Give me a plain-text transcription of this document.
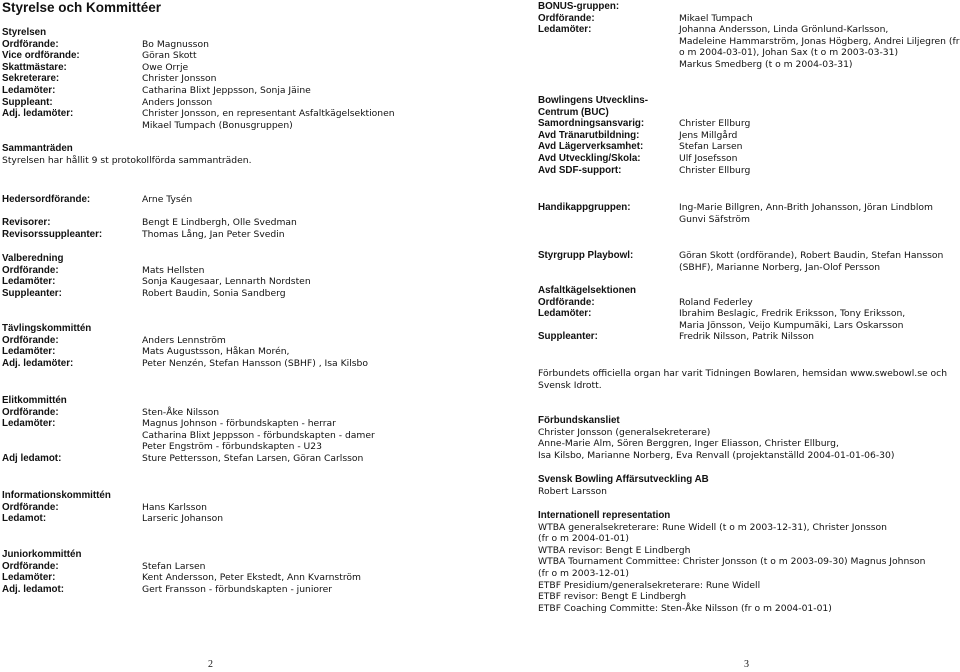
Styrelse och Kommittéer
Styrelsen
Ordförande:	Bo Magnusson
Vice ordförande:	Göran Skott
Skattmästare:	Owe Orrje
Sekreterare:	Christer Jonsson
Ledamöter:	Catharina Blixt Jeppsson, Sonja Jäine
Suppleant:	Anders Jonsson
Adj. ledamöter:	Christer Jonsson, en representant Asfaltkägelsektionen
Mikael Tumpach (Bonusgruppen)
Sammanträden
Styrelsen har hållit 9 st protokollförda sammanträden.
Hedersordförande:	Arne Tysén
Revisorer:	Bengt E Lindbergh, Olle Svedman
Revisorssuppleanter:	Thomas Lång, Jan Peter Svedin
Valberedning
Ordförande:	Mats Hellsten
Ledamöter:	Sonja Kaugesaar, Lennarth Nordsten
Suppleanter:	Robert Baudin, Sonia Sandberg
Tävlingskommittén
Ordförande:	Anders Lennström
Ledamöter:	Mats Augustsson, Håkan Morén,
Adj. ledamöter:	Peter Nenzén, Stefan Hansson (SBHF) , Isa Kilsbo
Elitkommittén
Ordförande:	Sten-Åke Nilsson
Ledamöter:	Magnus Johnson - förbundskapten - herrar
Catharina Blixt Jeppsson - förbundskapten - damer
Peter Engström - förbundskapten - U23
Adj ledamot:	Sture Pettersson, Stefan Larsen, Göran Carlsson
Informationskommittén
Ordförande:	Hans Karlsson
Ledamot:	Larseric Johanson
Juniorkommittén
Ordförande:	Stefan Larsen
Ledamöter:	Kent Andersson, Peter Ekstedt, Ann Kvarnström
Adj. ledamot:	Gert Fransson - förbundskapten - juniorer
BONUS-gruppen:
Ordförande:	Mikael Tumpach
Ledamöter:	Johanna Andersson, Linda Grönlund-Karlsson,
Madeleine Hammarström, Jonas Högberg, Andrei Liljegren (fr
o m 2004-03-01), Johan Sax (t o m 2003-03-31)
Markus Smedberg (t o m 2004-03-31)
Bowlingens Utvecklins-
Centrum (BUC)
Samordningsansvarig:	Christer Ellburg
Avd Tränarutbildning:	Jens Millgård
Avd Lägerverksamhet:	Stefan Larsen
Avd Utveckling/Skola:	Ulf Josefsson
Avd SDF-support:	Christer Ellburg
Handikappgruppen:	Ing-Marie Billgren, Ann-Brith Johansson, Jöran Lindblom
Gunvi Säfström
Styrgrupp Playbowl:	Göran Skott (ordförande), Robert Baudin, Stefan Hansson
(SBHF), Marianne Norberg, Jan-Olof Persson
Asfaltkägelsektionen
Ordförande:	Roland Federley
Ledamöter:	Ibrahim Beslagic, Fredrik Eriksson, Tony Eriksson,
Maria Jönsson, Veijo Kumpumäki, Lars Oskarsson
Suppleanter:	Fredrik Nilsson, Patrik Nilsson
Förbundets officiella organ har varit Tidningen Bowlaren, hemsidan www.swebowl.se och
Svensk Idrott.
Förbundskansliet
Christer Jonsson (generalsekreterare)
Anne-Marie Alm, Sören Berggren, Inger Eliasson, Christer Ellburg,
Isa Kilsbo, Marianne Norberg, Eva Renvall (projektanställd 2004-01-01-06-30)
Svensk Bowling Affärsutveckling AB
Robert Larsson
Internationell representation
WTBA generalsekreterare: Rune Widell (t o m 2003-12-31), Christer Jonsson
(fr o m 2004-01-01)
WTBA revisor: Bengt E Lindbergh
WTBA Tournament Committee: Christer Jonsson (t o m 2003-09-30) Magnus Johnson
(fr o m 2003-12-01)
ETBF Presidium/generalsekreterare: Rune Widell
ETBF revisor: Bengt E Lindbergh
ETBF Coaching Committe: Sten-Åke Nilsson (fr o m 2004-01-01)
2	3
